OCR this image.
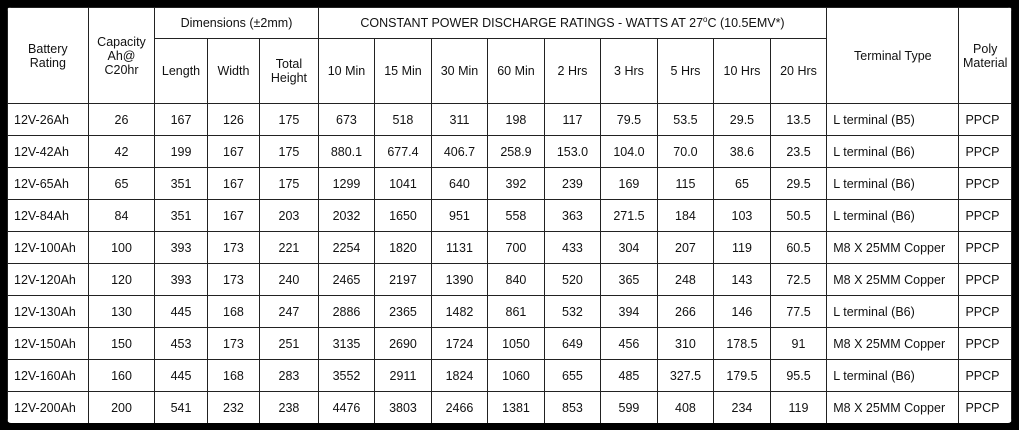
Battery Rating	Capacity Ah@ C20hr	Dimensions (±2mm)			CONSTANT POWER DISCHARGE RATINGS - WATTS AT 27$^o$C (10.5EMV*)									Terminal Type	Poly Material
		Length	Width	Total Height	10 Min	15 Min	30 Min	60 Min	2 Hrs	3 Hrs	5 Hrs	10 Hrs	20 Hrs		
12V-26Ah	26	167	126	175	673	518	311	198	117	79.5	53.5	29.5	13.5	L terminal (B5)	PPCP
12V-42Ah	42	199	167	175	880.1	677.4	406.7	258.9	153.0	104.0	70.0	38.6	23.5	L terminal (B6)	PPCP
12V-65Ah	65	351	167	175	1299	1041	640	392	239	169	115	65	29.5	L terminal (B6)	PPCP
12V-84Ah	84	351	167	203	2032	1650	951	558	363	271.5	184	103	50.5	L terminal (B6)	PPCP
12V-100Ah	100	393	173	221	2254	1820	1131	700	433	304	207	119	60.5	M8 X 25MM Copper	PPCP
12V-120Ah	120	393	173	240	2465	2197	1390	840	520	365	248	143	72.5	M8 X 25MM Copper	PPCP
12V-130Ah	130	445	168	247	2886	2365	1482	861	532	394	266	146	77.5	L terminal (B6)	PPCP
12V-150Ah	150	453	173	251	3135	2690	1724	1050	649	456	310	178.5	91	M8 X 25MM Copper	PPCP
12V-160Ah	160	445	168	283	3552	2911	1824	1060	655	485	327.5	179.5	95.5	L terminal (B6)	PPCP
12V-200Ah	200	541	232	238	4476	3803	2466	1381	853	599	408	234	119	M8 X 25MM Copper	PPCP
